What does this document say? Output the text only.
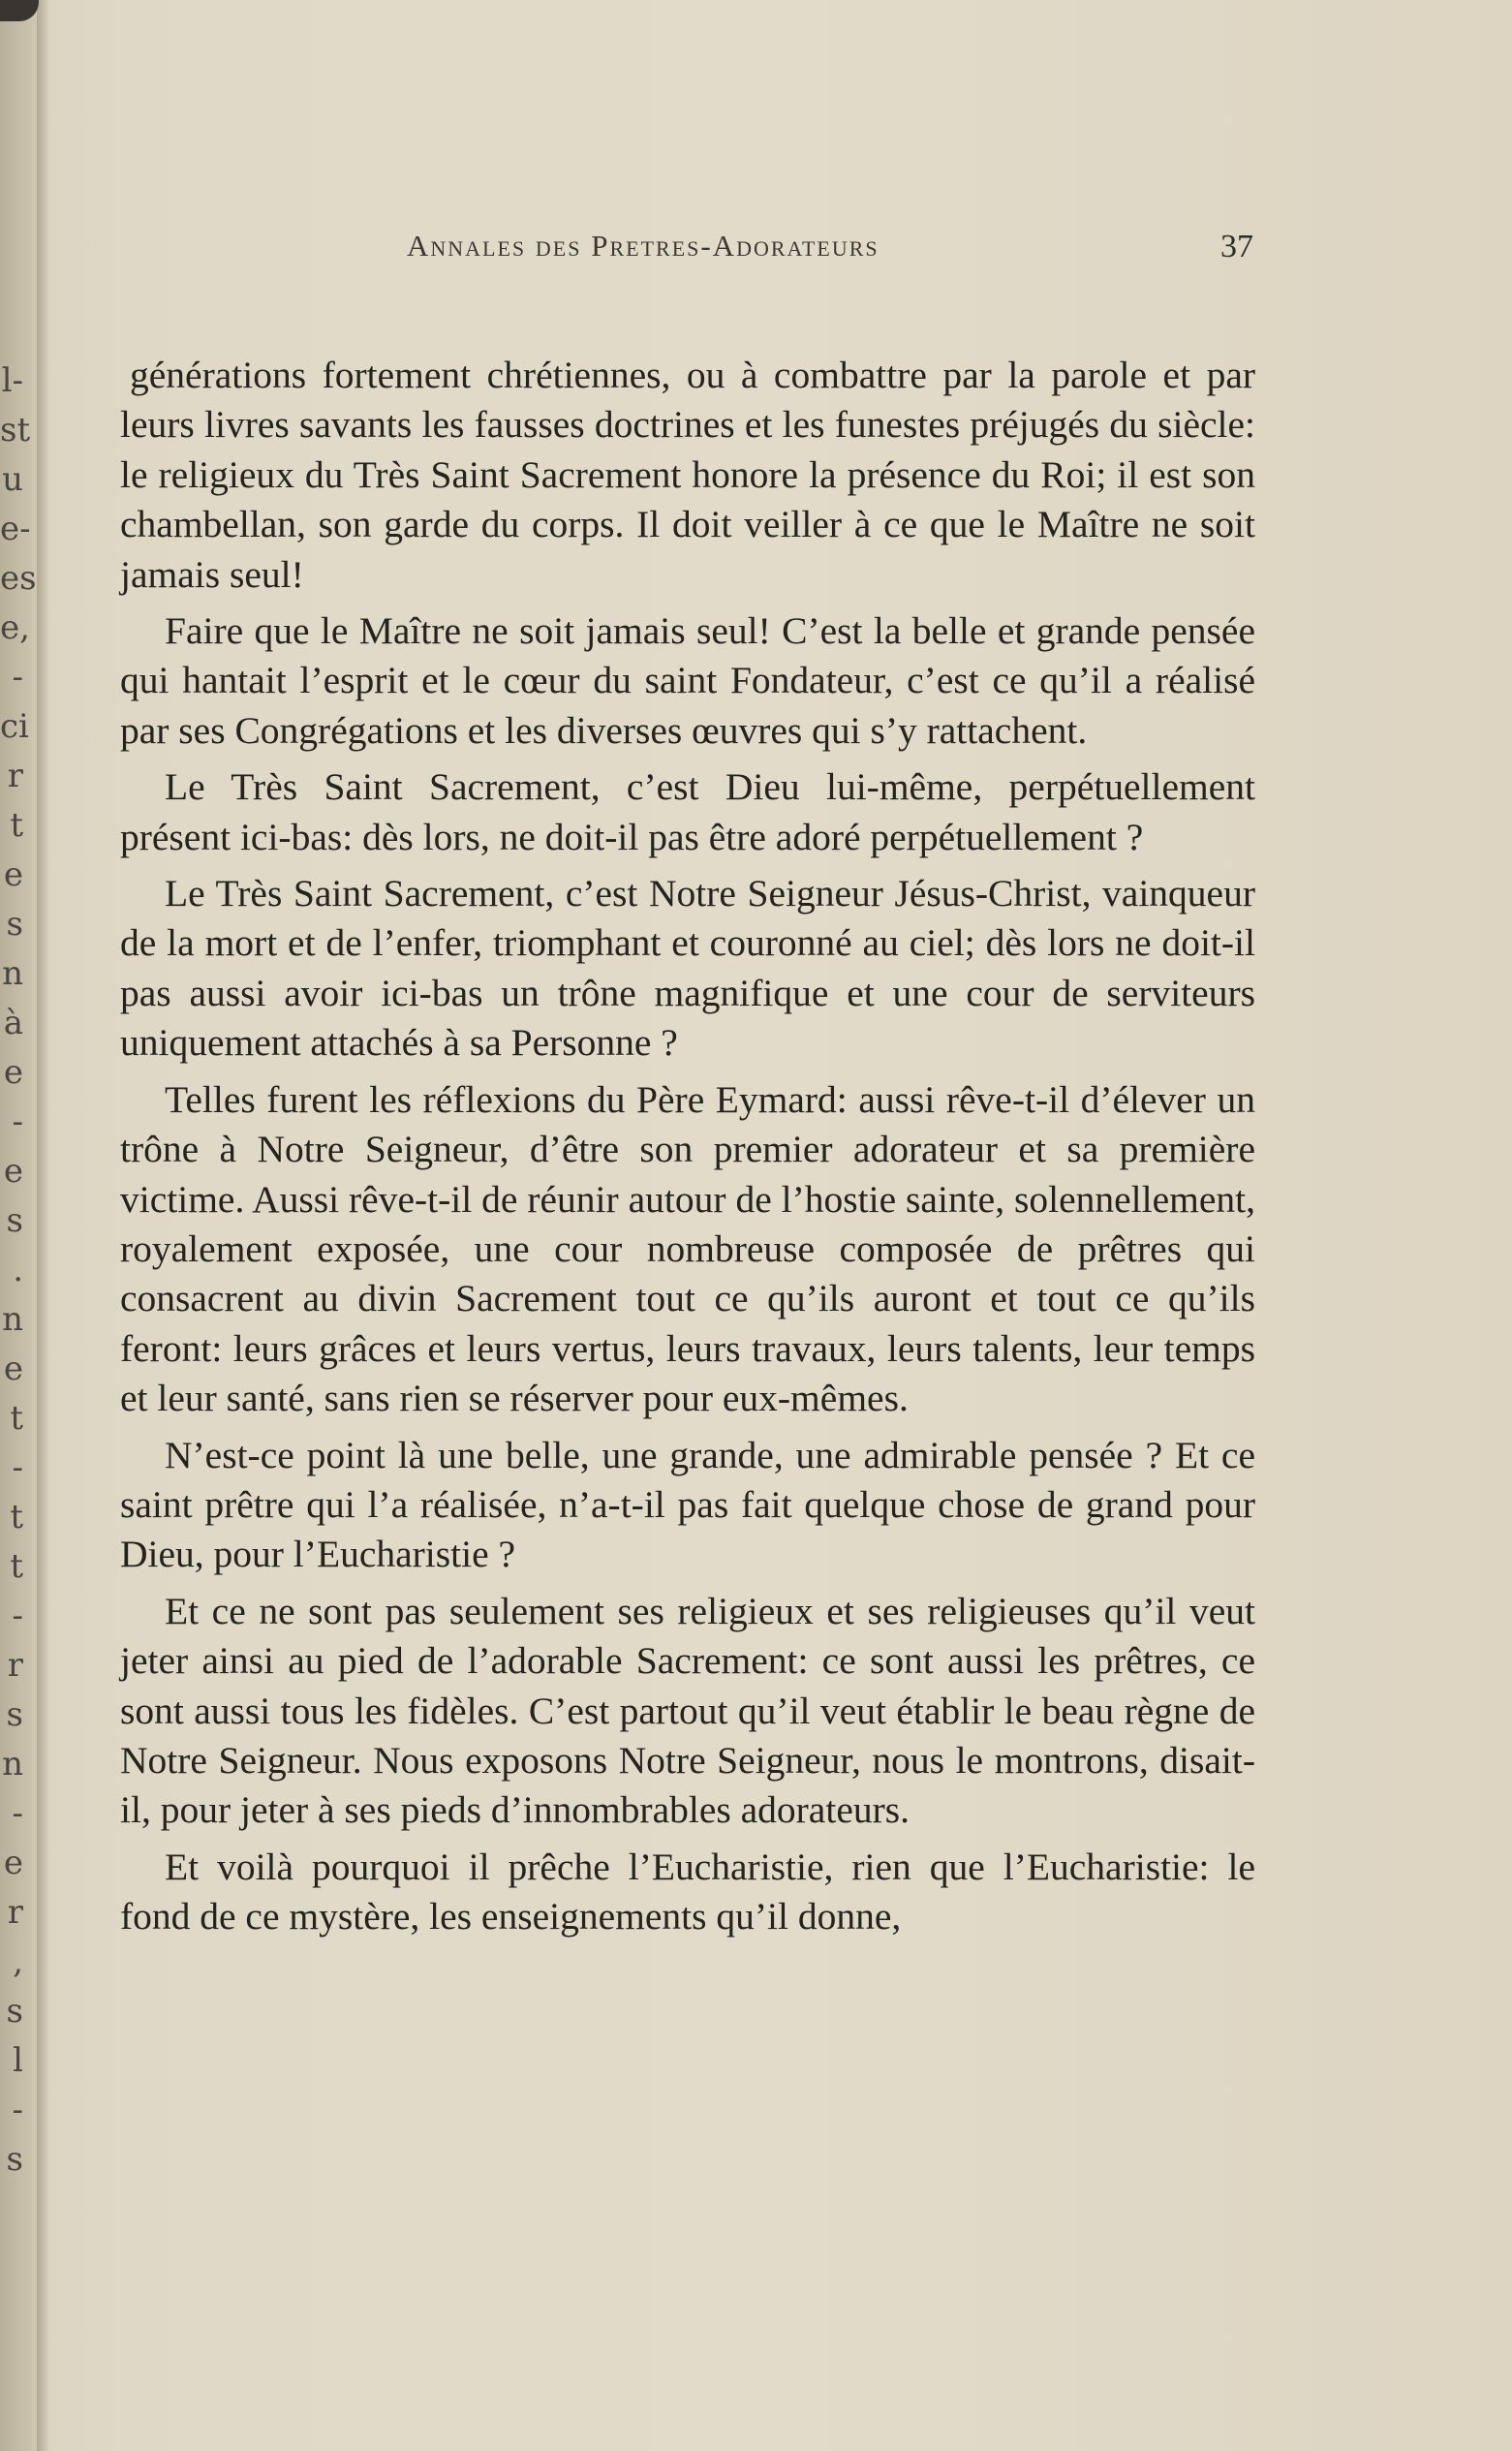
l-
st
u
e-
es
e,
-
ci
r
t
e
s
n
à
e
-
e
s
.
n
e
t
-
t
t
-
r
s
n
-
e
r
,
s
l
-
s
Annales des Pretres-Adorateurs	37

générations fortement chrétiennes, ou à combattre par la parole et par leurs livres savants les fausses doctrines et les funestes préjugés du siècle: le religieux du Très Saint Sacrement honore la présence du Roi; il est son chambellan, son garde du corps. Il doit veiller à ce que le Maître ne soit jamais seul!

Faire que le Maître ne soit jamais seul! C’est la belle et grande pensée qui hantait l’esprit et le cœur du saint Fondateur, c’est ce qu’il a réalisé par ses Congrégations et les diverses œuvres qui s’y rattachent.

Le Très Saint Sacrement, c’est Dieu lui-même, perpétuellement présent ici-bas: dès lors, ne doit-il pas être adoré perpétuellement ?

Le Très Saint Sacrement, c’est Notre Seigneur Jésus-Christ, vainqueur de la mort et de l’enfer, triomphant et couronné au ciel; dès lors ne doit-il pas aussi avoir ici-bas un trône magnifique et une cour de serviteurs uniquement attachés à sa Personne ?

Telles furent les réflexions du Père Eymard: aussi rêve-t-il d’élever un trône à Notre Seigneur, d’être son premier adorateur et sa première victime. Aussi rêve-t-il de réunir autour de l’hostie sainte, solennellement, royalement exposée, une cour nombreuse composée de prêtres qui consacrent au divin Sacrement tout ce qu’ils auront et tout ce qu’ils feront: leurs grâces et leurs vertus, leurs travaux, leurs talents, leur temps et leur santé, sans rien se réserver pour eux-mêmes.

N’est-ce point là une belle, une grande, une admirable pensée ? Et ce saint prêtre qui l’a réalisée, n’a-t-il pas fait quelque chose de grand pour Dieu, pour l’Eucharistie ?

Et ce ne sont pas seulement ses religieux et ses religieuses qu’il veut jeter ainsi au pied de l’adorable Sacrement: ce sont aussi les prêtres, ce sont aussi tous les fidèles. C’est partout qu’il veut établir le beau règne de Notre Seigneur. Nous exposons Notre Seigneur, nous le montrons, disait-il, pour jeter à ses pieds d’innombrables adorateurs.

Et voilà pourquoi il prêche l’Eucharistie, rien que l’Eucharistie: le fond de ce mystère, les enseignements qu’il donne,
